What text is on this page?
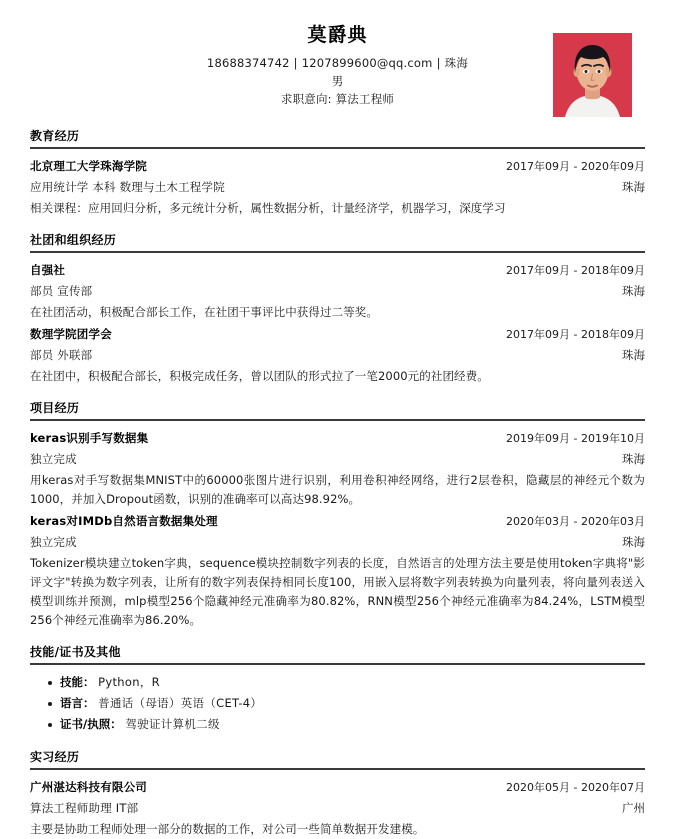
莫爵典
18688374742 | 1207899600@qq.com | 珠海
男
求职意向: 算法工程师
教育经历
北京理工大学珠海学院	2017年09月 - 2020年09月
应用统计学 本科 数理与土木工程学院	珠海
相关课程：应用回归分析，多元统计分析，属性数据分析，计量经济学，机器学习，深度学习
社团和组织经历
自强社	2017年09月 - 2018年09月
部员 宣传部	珠海
在社团活动，积极配合部长工作，在社团干事评比中获得过二等奖。
数理学院团学会	2017年09月 - 2018年09月
部员 外联部	珠海
在社团中，积极配合部长，积极完成任务，曾以团队的形式拉了一笔2000元的社团经费。
项目经历
keras识别手写数据集	2019年09月 - 2019年10月
独立完成	珠海
用keras对手写数据集MNIST中的60000张图片进行识别，利用卷积神经网络，进行2层卷积，隐藏层的神经元个数为1000，并加入Dropout函数，识别的准确率可以高达98.92%。
keras对IMDb自然语言数据集处理	2020年03月 - 2020年03月
独立完成	珠海
Tokenizer模块建立token字典，sequence模块控制数字列表的长度，自然语言的处理方法主要是使用token字典将"影评文字"转换为数字列表，让所有的数字列表保持相同长度100，用嵌入层将数字列表转换为向量列表，将向量列表送入模型训练并预测，mlp模型256个隐藏神经元准确率为80.82%，RNN模型256个神经元准确率为84.24%，LSTM模型256个神经元准确率为86.20%。
技能/证书及其他
技能： Python，R
语言： 普通话（母语）英语（CET-4）
证书/执照： 驾驶证计算机二级
实习经历
广州湛达科技有限公司	2020年05月 - 2020年07月
算法工程师助理 IT部	广州
主要是协助工程师处理一部分的数据的工作，对公司一些简单数据开发建模。
